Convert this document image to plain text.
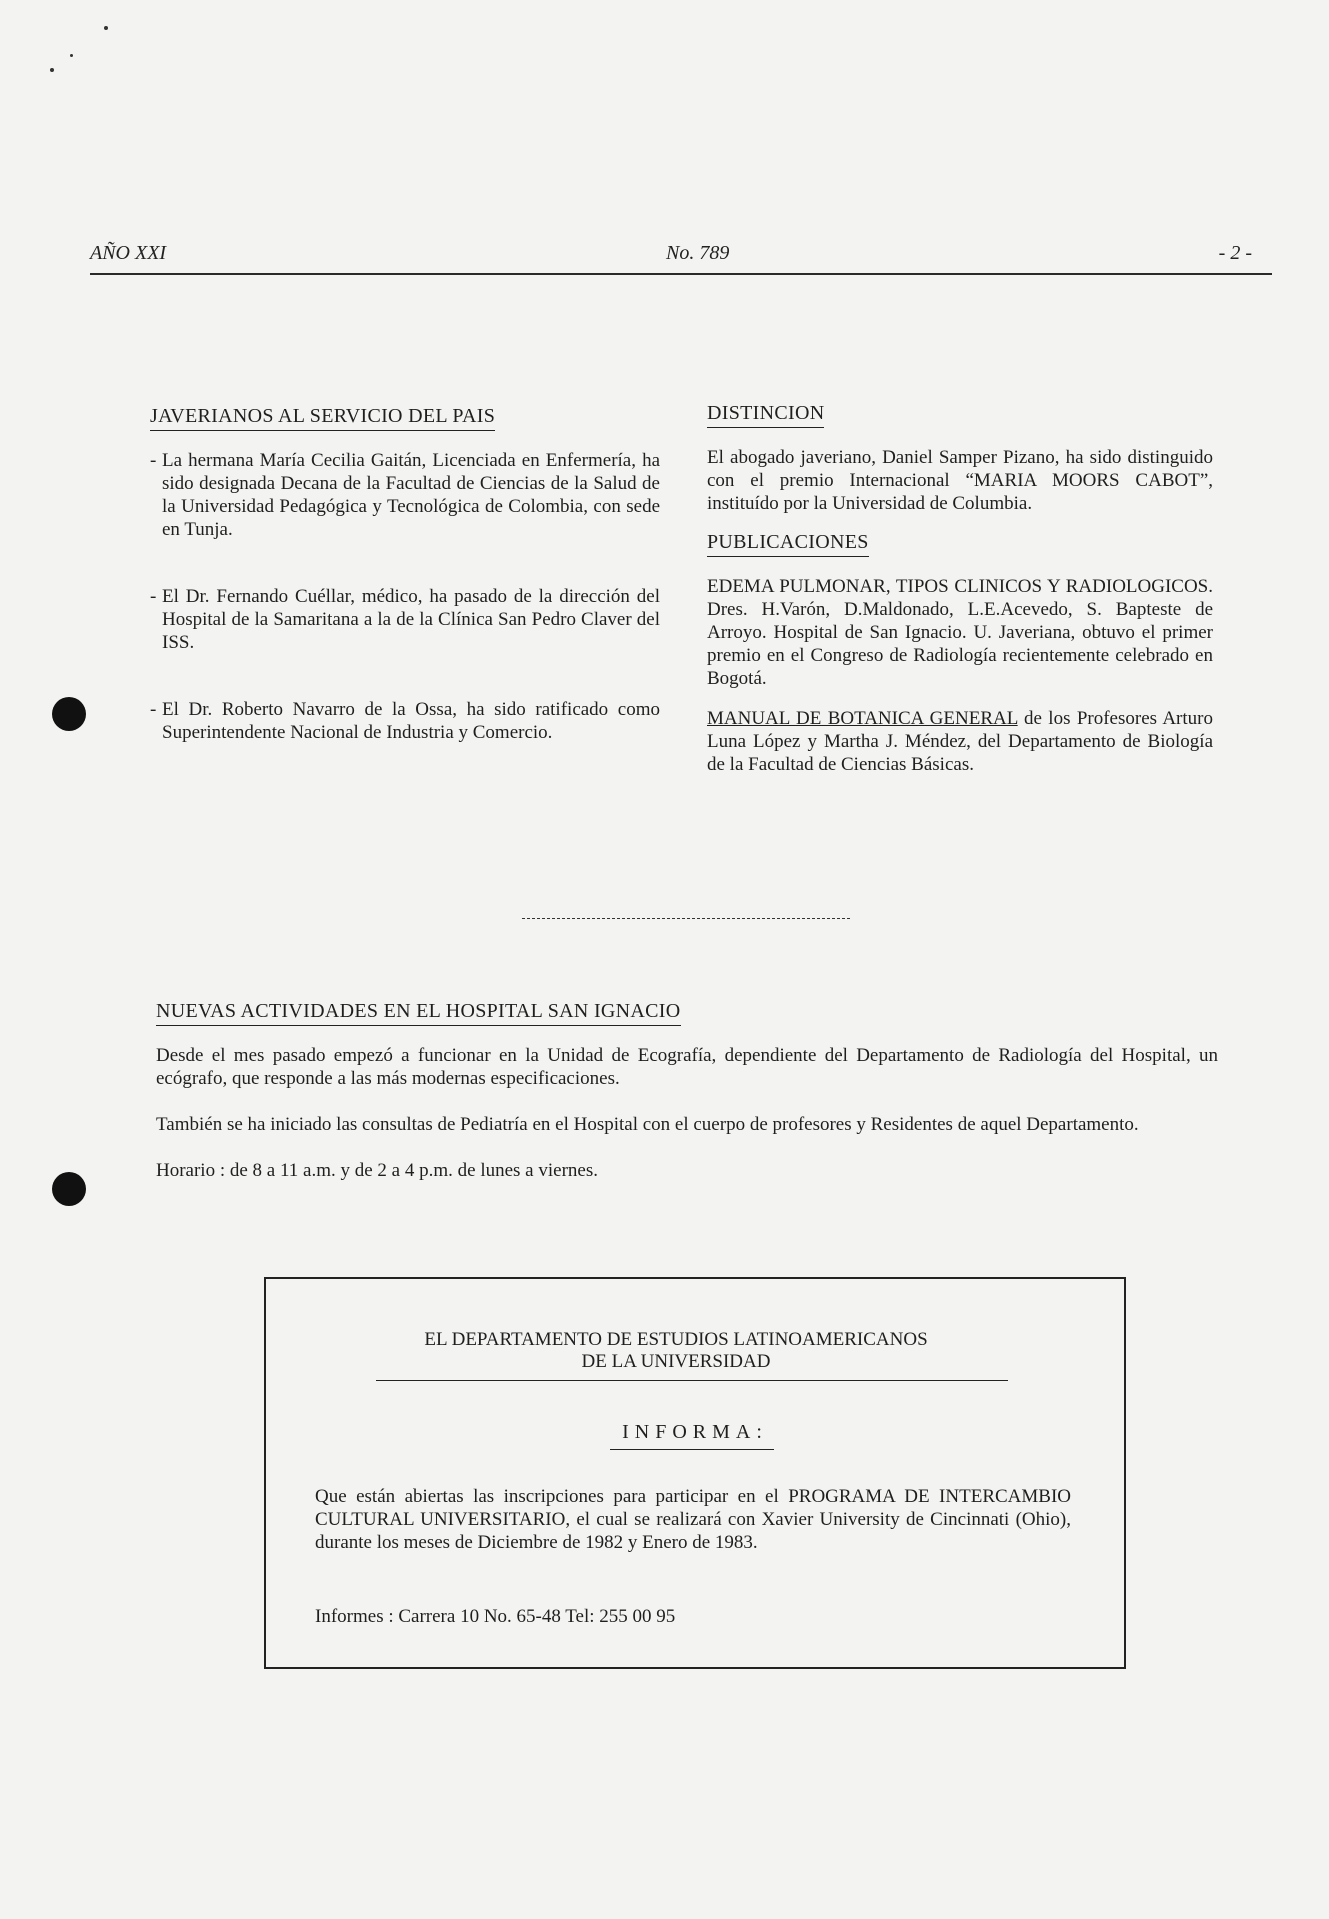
AÑO XXI	No. 789	- 2 -
JAVERIANOS AL SERVICIO DEL PAIS
- La hermana María Cecilia Gaitán, Licenciada en Enfermería, ha sido designada Decana de la Facultad de Ciencias de la Salud de la Universidad Pedagógica y Tecnológica de Colombia, con sede en Tunja.
- El Dr. Fernando Cuéllar, médico, ha pasado de la dirección del Hospital de la Samaritana a la de la Clínica San Pedro Claver del ISS.
- El Dr. Roberto Navarro de la Ossa, ha sido ratificado como Superintendente Nacional de Industria y Comercio.
DISTINCION

El abogado javeriano, Daniel Samper Pizano, ha sido distinguido con el premio Internacional “MARIA MOORS CABOT”, instituído por la Universidad de Columbia.

PUBLICACIONES

EDEMA PULMONAR, TIPOS CLINICOS Y RADIOLOGICOS. Dres. H.Varón, D.Maldonado, L.E.Acevedo, S. Bapteste de Arroyo. Hospital de San Ignacio. U. Javeriana, obtuvo el primer premio en el Congreso de Radiología recientemente celebrado en Bogotá.

MANUAL DE BOTANICA GENERAL de los Profesores Arturo Luna López y Martha J. Méndez, del Departamento de Biología de la Facultad de Ciencias Básicas.

NUEVAS ACTIVIDADES EN EL HOSPITAL SAN IGNACIO

Desde el mes pasado empezó a funcionar en la Unidad de Ecografía, dependiente del Departamento de Radiología del Hospital, un ecógrafo, que responde a las más modernas especificaciones.

También se ha iniciado las consultas de Pediatría en el Hospital con el cuerpo de profesores y Residentes de aquel Departamento.

Horario : de 8 a 11 a.m. y de 2 a 4 p.m. de lunes a viernes.

EL DEPARTAMENTO DE ESTUDIOS LATINOAMERICANOS
DE LA UNIVERSIDAD
INFORMA:
Que están abiertas las inscripciones para participar en el PROGRAMA DE INTERCAMBIO CULTURAL UNIVERSITARIO, el cual se realizará con Xavier University de Cincinnati (Ohio), durante los meses de Diciembre de 1982 y Enero de 1983.
Informes : Carrera 10 No. 65-48 Tel: 255 00 95
